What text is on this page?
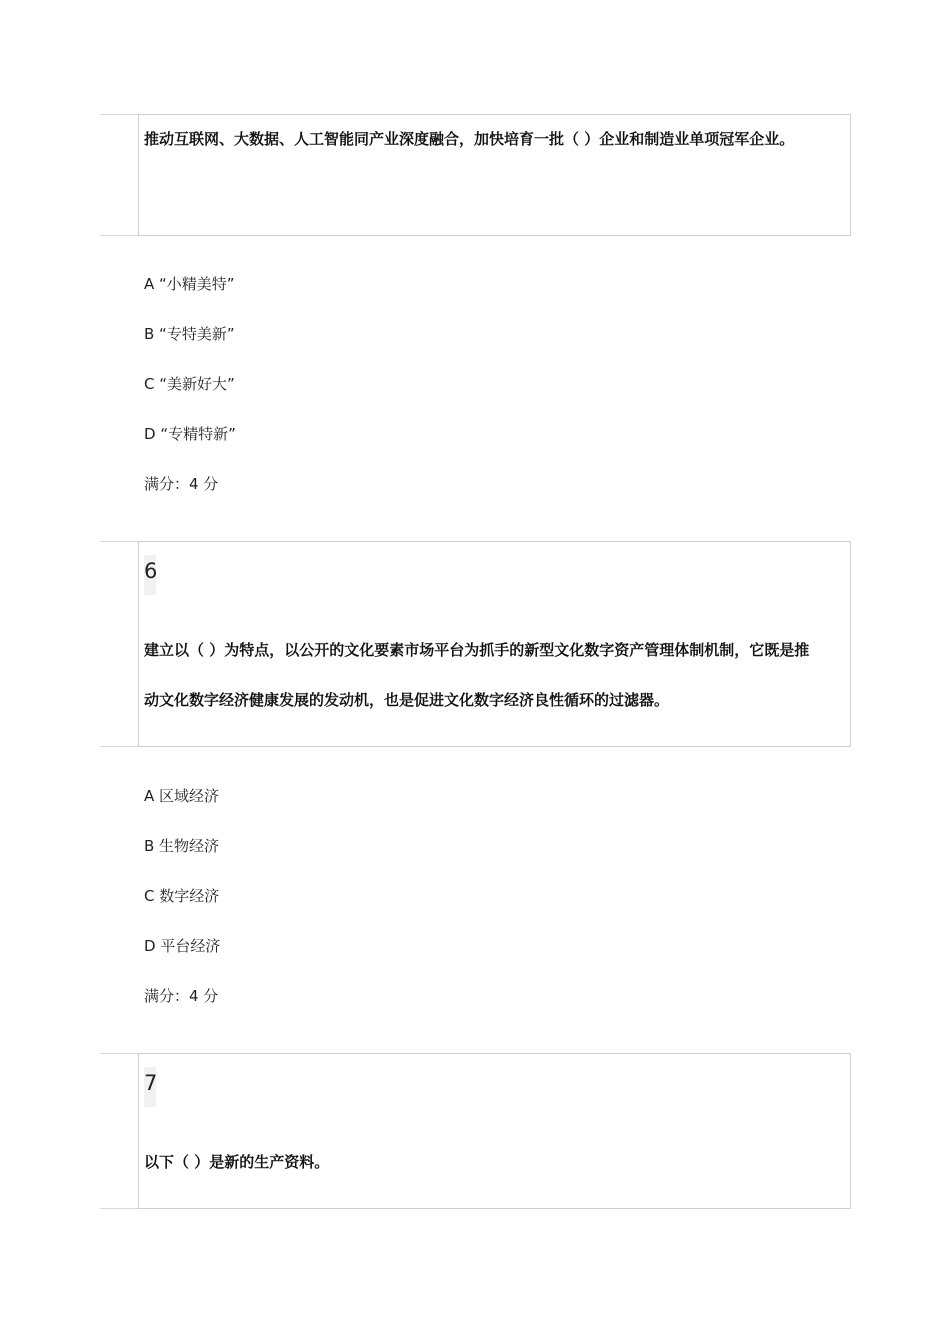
推动互联网、大数据、人工智能同产业深度融合，加快培育一批（ ）企业和制造业单项冠军企业。
A “小精美特”
B “专特美新”
C “美新好大”
D “专精特新”
满分：4 分
6
建立以（ ）为特点，以公开的文化要素市场平台为抓手的新型文化数字资产管理体制机制，它既是推动文化数字经济健康发展的发动机，也是促进文化数字经济良性循环的过滤器。
A 区域经济
B 生物经济
C 数字经济
D 平台经济
满分：4 分
7
以下（ ）是新的生产资料。
